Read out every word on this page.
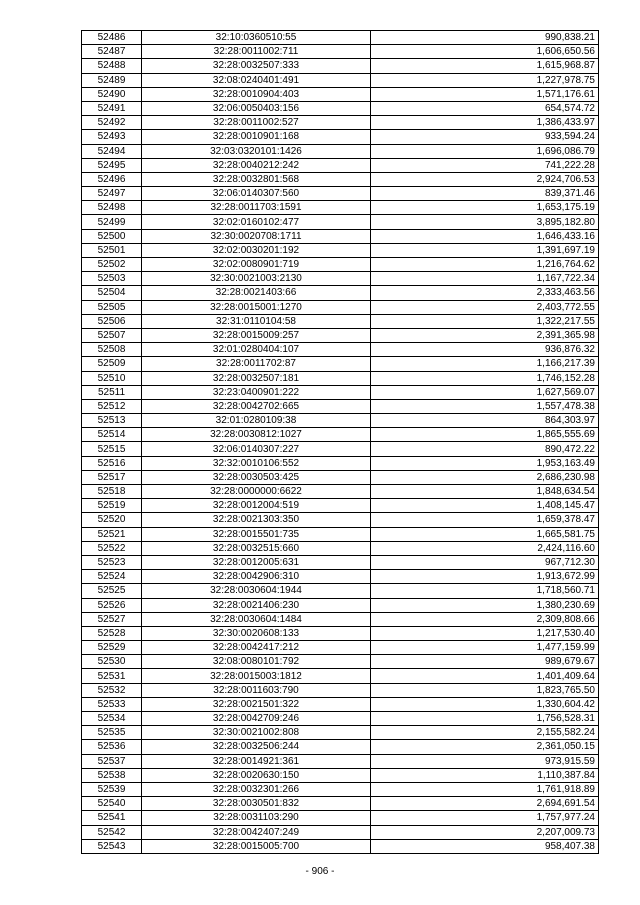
52486	32:10:0360510:55	990,838.21
52487	32:28:0011002:711	1,606,650.56
52488	32:28:0032507:333	1,615,968.87
52489	32:08:0240401:491	1,227,978.75
52490	32:28:0010904:403	1,571,176.61
52491	32:06:0050403:156	654,574.72
52492	32:28:0011002:527	1,386,433.97
52493	32:28:0010901:168	933,594.24
52494	32:03:0320101:1426	1,696,086.79
52495	32:28:0040212:242	741,222.28
52496	32:28:0032801:568	2,924,706.53
52497	32:06:0140307:560	839,371.46
52498	32:28:0011703:1591	1,653,175.19
52499	32:02:0160102:477	3,895,182.80
52500	32:30:0020708:1711	1,646,433.16
52501	32:02:0030201:192	1,391,697.19
52502	32:02:0080901:719	1,216,764.62
52503	32:30:0021003:2130	1,167,722.34
52504	32:28:0021403:66	2,333,463.56
52505	32:28:0015001:1270	2,403,772.55
52506	32:31:0110104:58	1,322,217.55
52507	32:28:0015009:257	2,391,365.98
52508	32:01:0280404:107	936,876.32
52509	32:28:0011702:87	1,166,217.39
52510	32:28:0032507:181	1,746,152.28
52511	32:23:0400901:222	1,627,569.07
52512	32:28:0042702:665	1,557,478.38
52513	32:01:0280109:38	864,303.97
52514	32:28:0030812:1027	1,865,555.69
52515	32:06:0140307:227	890,472.22
52516	32:32:0010106:552	1,953,163.49
52517	32:28:0030503:425	2,686,230.98
52518	32:28:0000000:6622	1,848,634.54
52519	32:28:0012004:519	1,408,145.47
52520	32:28:0021303:350	1,659,378.47
52521	32:28:0015501:735	1,665,581.75
52522	32:28:0032515:660	2,424,116.60
52523	32:28:0012005:631	967,712.30
52524	32:28:0042906:310	1,913,672.99
52525	32:28:0030604:1944	1,718,560.71
52526	32:28:0021406:230	1,380,230.69
52527	32:28:0030604:1484	2,309,808.66
52528	32:30:0020608:133	1,217,530.40
52529	32:28:0042417:212	1,477,159.99
52530	32:08:0080101:792	989,679.67
52531	32:28:0015003:1812	1,401,409.64
52532	32:28:0011603:790	1,823,765.50
52533	32:28:0021501:322	1,330,604.42
52534	32:28:0042709:246	1,756,528.31
52535	32:30:0021002:808	2,155,582.24
52536	32:28:0032506:244	2,361,050.15
52537	32:28:0014921:361	973,915.59
52538	32:28:0020630:150	1,110,387.84
52539	32:28:0032301:266	1,761,918.89
52540	32:28:0030501:832	2,694,691.54
52541	32:28:0031103:290	1,757,977.24
52542	32:28:0042407:249	2,207,009.73
52543	32:28:0015005:700	958,407.38
- 906 -
